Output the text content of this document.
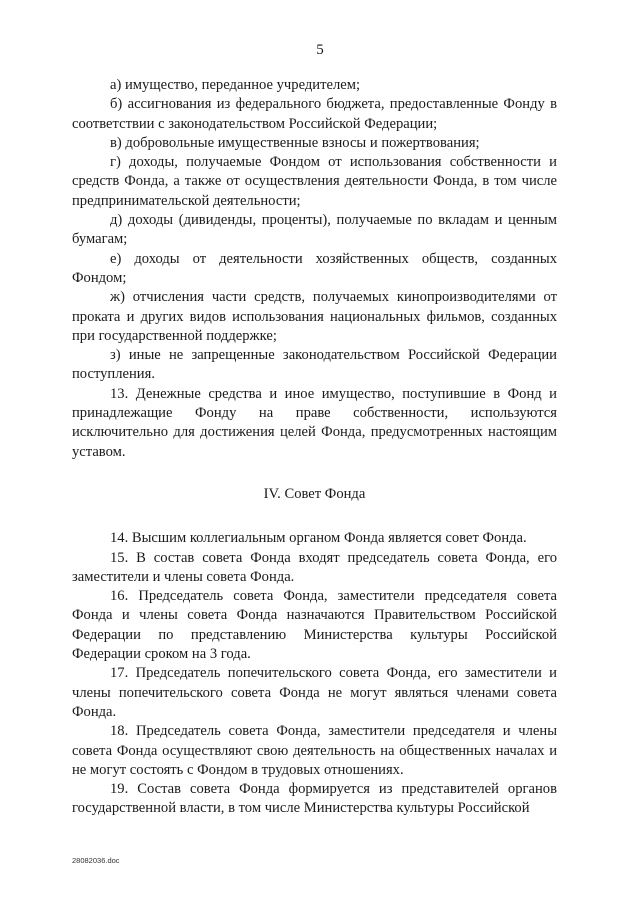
5

а) имущество, переданное учредителем;

б) ассигнования из федерального бюджета, предоставленные Фонду в соответствии с законодательством Российской Федерации;

в) добровольные имущественные взносы и пожертвования;

г) доходы, получаемые Фондом от использования собственности и средств Фонда, а также от осуществления деятельности Фонда, в том числе предпринимательской деятельности;

д) доходы (дивиденды, проценты), получаемые по вкладам и ценным бумагам;

е) доходы от деятельности хозяйственных обществ, созданных Фондом;

ж) отчисления части средств, получаемых кинопроизводителями от проката и других видов использования национальных фильмов, созданных при государственной поддержке;

з) иные не запрещенные законодательством Российской Федерации поступления.

13. Денежные средства и иное имущество, поступившие в Фонд и принадлежащие Фонду на праве собственности, используются исключительно для достижения целей Фонда, предусмотренных настоящим уставом.

IV. Совет Фонда

14. Высшим коллегиальным органом Фонда является совет Фонда.

15. В состав совета Фонда входят председатель совета Фонда, его заместители и члены совета Фонда.

16. Председатель совета Фонда, заместители председателя совета Фонда и члены совета Фонда назначаются Правительством Российской Федерации по представлению Министерства культуры Российской Федерации сроком на 3 года.

17. Председатель попечительского совета Фонда, его заместители и члены попечительского совета Фонда не могут являться членами совета Фонда.

18. Председатель совета Фонда, заместители председателя и члены совета Фонда осуществляют свою деятельность на общественных началах и не могут состоять с Фондом в трудовых отношениях.

19. Состав совета Фонда формируется из представителей органов государственной власти, в том числе Министерства культуры Российской

28082036.doc
